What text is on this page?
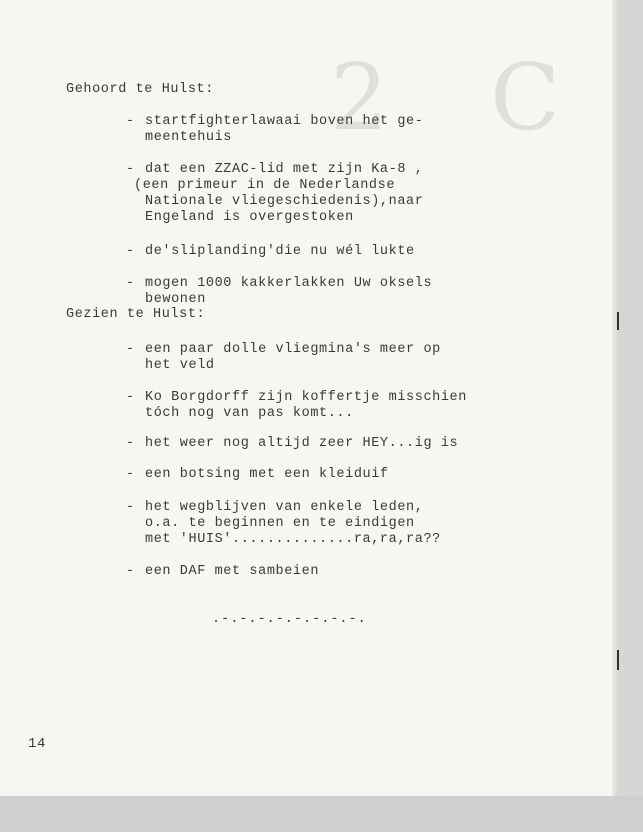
2 C
Gehoord te Hulst:
- startfighterlawaai boven het ge-
meentehuis
- dat een ZZAC-lid met zijn Ka-8 ,
(een primeur in de Nederlandse
Nationale vliegeschiedenis),naar
Engeland is overgestoken
- de'sliplanding'die nu wél lukte
- mogen 1000 kakkerlakken Uw oksels
bewonen
Gezien te Hulst:
- een paar dolle vliegmina's meer op
het veld
- Ko Borgdorff zijn koffertje misschien
tóch nog van pas komt...
- het weer nog altijd zeer HEY...ig is
- een botsing met een kleiduif
- het wegblijven van enkele leden,
o.a. te beginnen en te eindigen
met 'HUIS'..............ra,ra,ra??
- een DAF met sambeien
.-.-.-.-.-.-.-.-.
14
